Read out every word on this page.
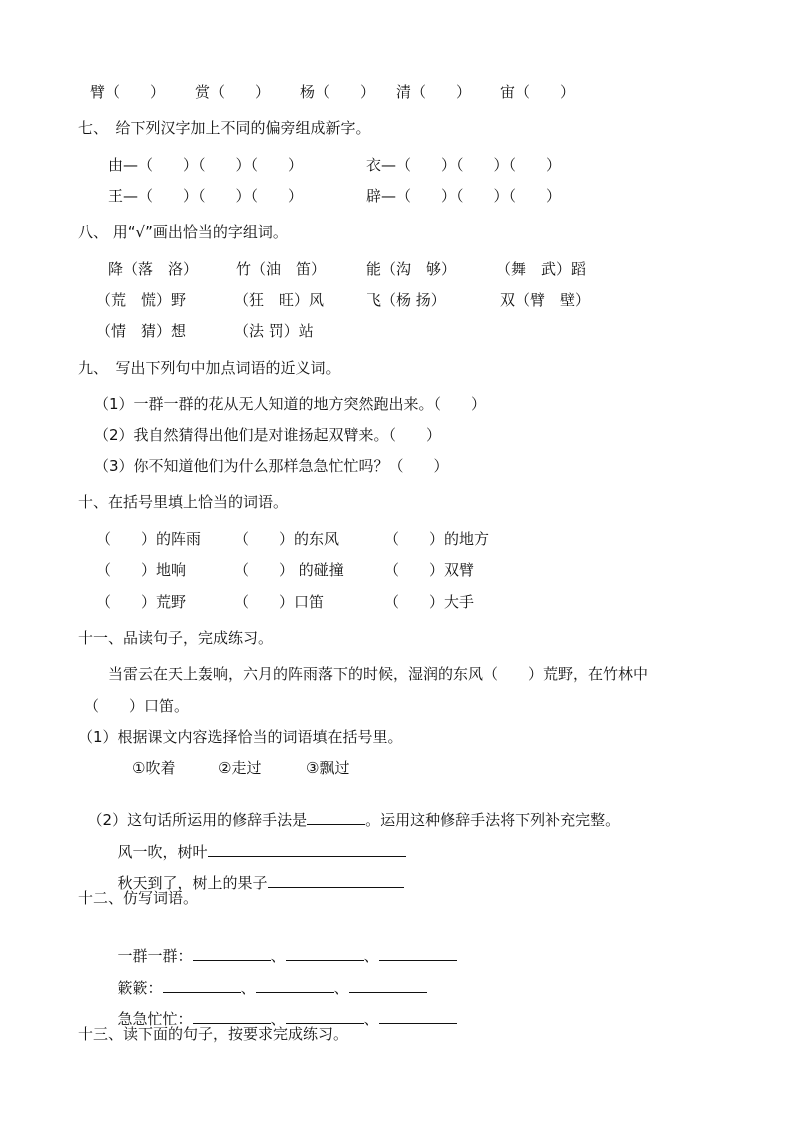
臂（　　） 赏（　　） 杨（　　） 清（　　） 宙（　　）
七、　给下列汉字加上不同的偏旁组成新字。
由—（　　）（　　）（　　）	衣—（　　）（　　）（　　）
王—（　　）（　　）（　　）	辟—（　　）（　　）（　　）
八、 用“√”画出恰当的字组词。
降（落　洛）	竹（油　笛）	能（沟　够）	（舞　武）蹈
（荒　慌）野	（狂　旺）风	飞（杨 扬）	双（臂　壁）
（情　猜）想	（法 罚）站
九、　写出下列句中加点词语的近义词。
（1）一群一群的花从无人知道的地方突然跑出来。（　　）
（2）我自然猜得出他们是对谁扬起双臂来。（　　）
（3）你不知道他们为什么那样急急忙忙吗？（　　）
十、在括号里填上恰当的词语。
（　　）的阵雨 （　　）的东风	（　　）的地方
（　　）地响	（　　） 的碰撞	（　　）双臂
（　　）荒野	（　　）口笛	（　　）大手
十一、品读句子，完成练习。
当雷云在天上轰响，六月的阵雨落下的时候，湿润的东风（　　）荒野，在竹林中
（　　）口笛。
（1）根据课文内容选择恰当的词语填在括号里。
①吹着	②走过	③飘过

（2）这句话所运用的修辞手法是	。运用这种修辞手法将下列补充完整。

风一吹，树叶

秋天到了，树上的果子

十二、仿写词语。

一群一群：	、	、

簌簌：	、	、

急急忙忙：	、	、

十三、读下面的句子，按要求完成练习。
